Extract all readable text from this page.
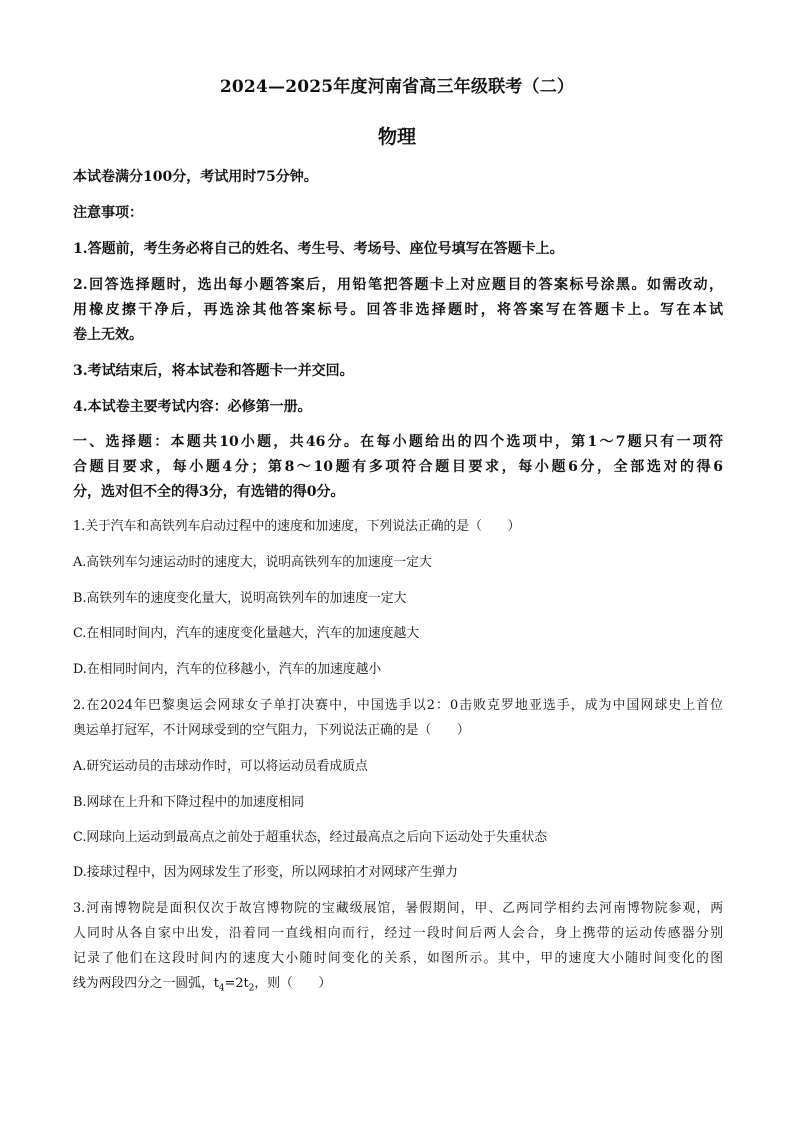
2024—2025年度河南省高三年级联考（二）
物理
本试卷满分100分，考试用时75分钟。
注意事项：
1.答题前，考生务必将自己的姓名、考生号、考场号、座位号填写在答题卡上。
2.回答选择题时，选出每小题答案后，用铅笔把答题卡上对应题目的答案标号涂黑。如需改动，
用橡皮擦干净后，再选涂其他答案标号。回答非选择题时，将答案写在答题卡上。写在本试
卷上无效。
3.考试结束后，将本试卷和答题卡一并交回。
4.本试卷主要考试内容：必修第一册。
一、选择题：本题共10小题，共46分。在每小题给出的四个选项中，第1～7题只有一项符
合题目要求，每小题4分；第8～10题有多项符合题目要求，每小题6分，全部选对的得6
分，选对但不全的得3分，有选错的得0分。
1.关于汽车和高铁列车启动过程中的速度和加速度，下列说法正确的是（　　）
A.高铁列车匀速运动时的速度大，说明高铁列车的加速度一定大
B.高铁列车的速度变化量大，说明高铁列车的加速度一定大
C.在相同时间内，汽车的速度变化量越大，汽车的加速度越大
D.在相同时间内，汽车的位移越小，汽车的加速度越小
2.在2024年巴黎奥运会网球女子单打决赛中，中国选手以2：0击败克罗地亚选手，成为中国网球史上首位
奥运单打冠军，不计网球受到的空气阻力，下列说法正确的是（　　）
A.研究运动员的击球动作时，可以将运动员看成质点
B.网球在上升和下降过程中的加速度相同
C.网球向上运动到最高点之前处于超重状态，经过最高点之后向下运动处于失重状态
D.接球过程中，因为网球发生了形变，所以网球拍才对网球产生弹力
3.河南博物院是面积仅次于故宫博物院的宝藏级展馆，暑假期间，甲、乙两同学相约去河南博物院参观，两
人同时从各自家中出发，沿着同一直线相向而行，经过一段时间后两人会合，身上携带的运动传感器分别
记录了他们在这段时间内的速度大小随时间变化的关系，如图所示。其中，甲的速度大小随时间变化的图
线为两段四分之一圆弧，$t_4=2t_2$，则（　　）
